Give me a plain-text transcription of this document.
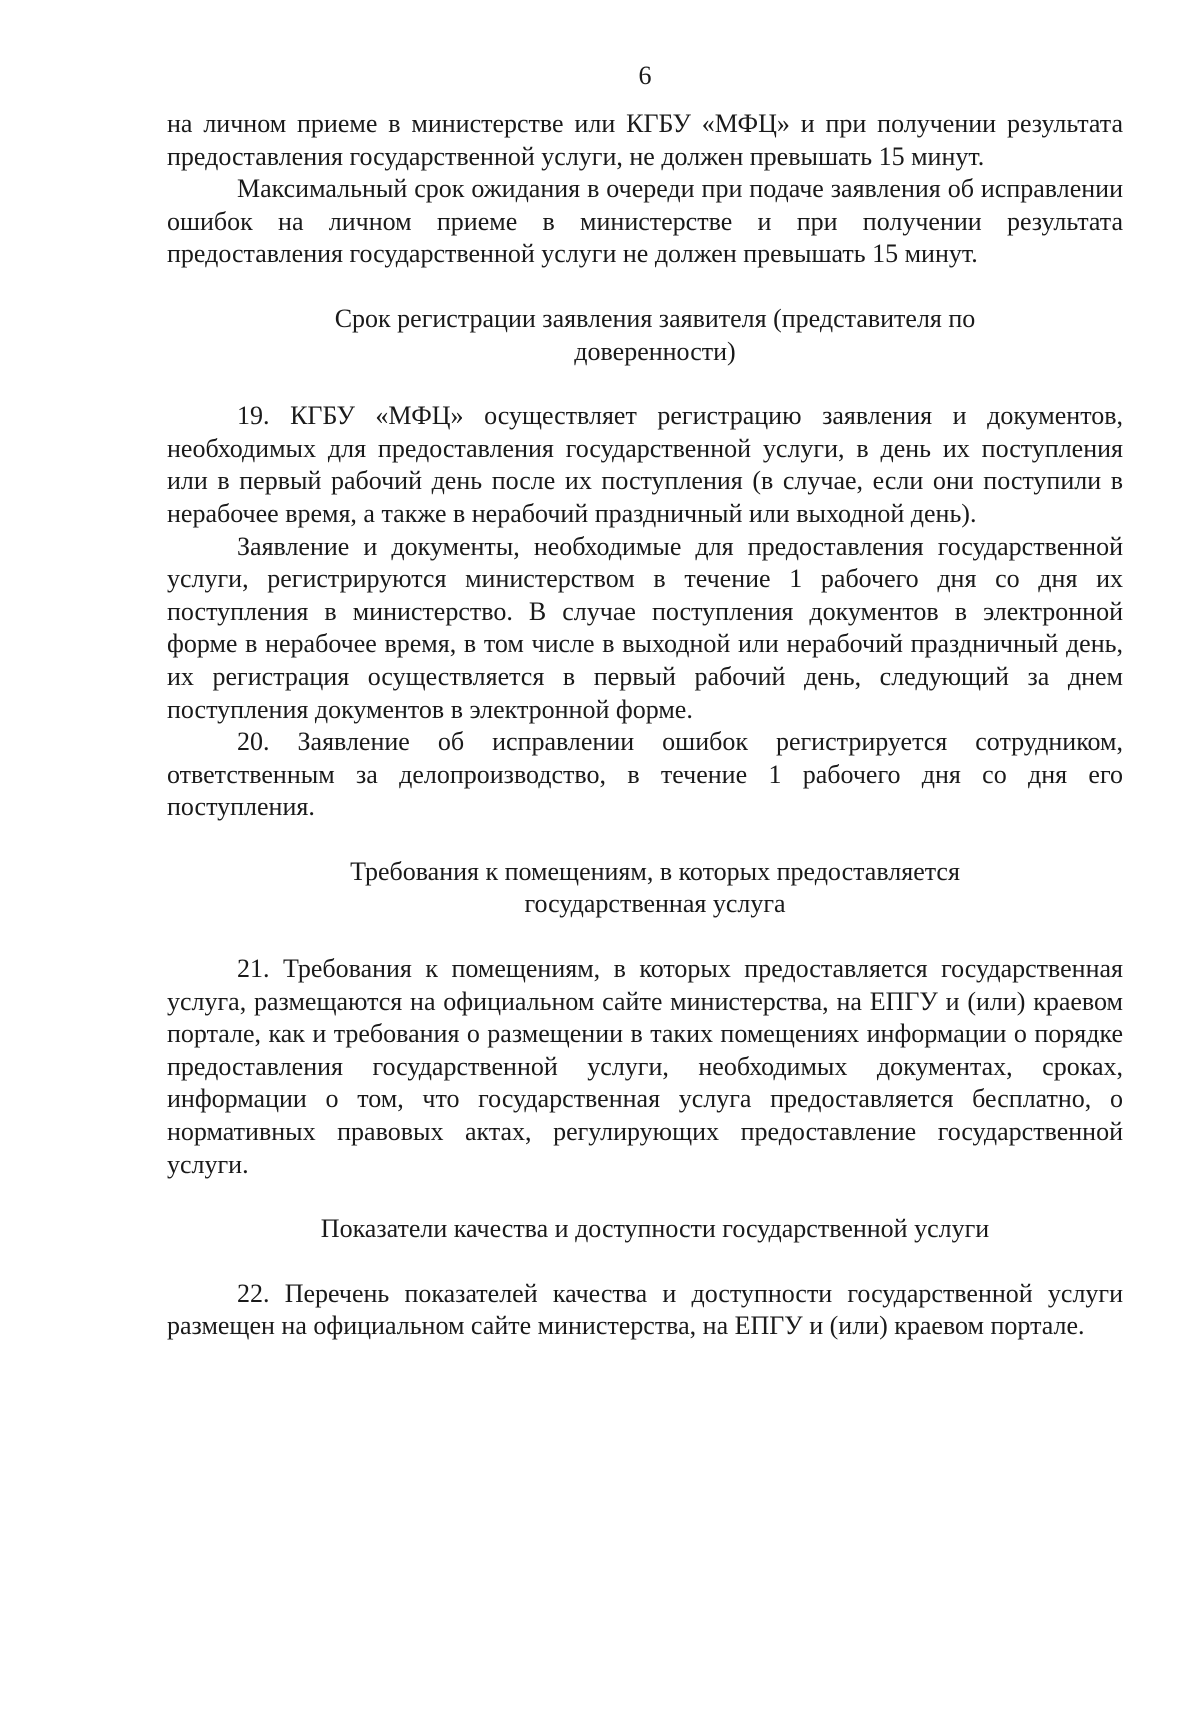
6

на личном приеме в министерстве или КГБУ «МФЦ» и при получении результата предоставления государственной услуги, не должен превышать 15 минут.

Максимальный срок ожидания в очереди при подаче заявления об исправлении ошибок на личном приеме в министерстве и при получении результата предоставления государственной услуги не должен превышать 15 минут.

Срок регистрации заявления заявителя (представителя по доверенности)

19. КГБУ «МФЦ» осуществляет регистрацию заявления и документов, необходимых для предоставления государственной услуги, в день их поступления или в первый рабочий день после их поступления (в случае, если они поступили в нерабочее время, а также в нерабочий праздничный или выходной день).

Заявление и документы, необходимые для предоставления государственной услуги, регистрируются министерством в течение 1 рабочего дня со дня их поступления в министерство. В случае поступления документов в электронной форме в нерабочее время, в том числе в выходной или нерабочий праздничный день, их регистрация осуществляется в первый рабочий день, следующий за днем поступления документов в электронной форме.

20. Заявление об исправлении ошибок регистрируется сотрудником, ответственным за делопроизводство, в течение 1 рабочего дня со дня его поступления.

Требования к помещениям, в которых предоставляется государственная услуга

21. Требования к помещениям, в которых предоставляется государственная услуга, размещаются на официальном сайте министерства, на ЕПГУ и (или) краевом портале, как и требования о размещении в таких помещениях информации о порядке предоставления государственной услуги, необходимых документах, сроках, информации о том, что государственная услуга предоставляется бесплатно, о нормативных правовых актах, регулирующих предоставление государственной услуги.

Показатели качества и доступности государственной услуги

22. Перечень показателей качества и доступности государственной услуги размещен на официальном сайте министерства, на ЕПГУ и (или) краевом портале.
